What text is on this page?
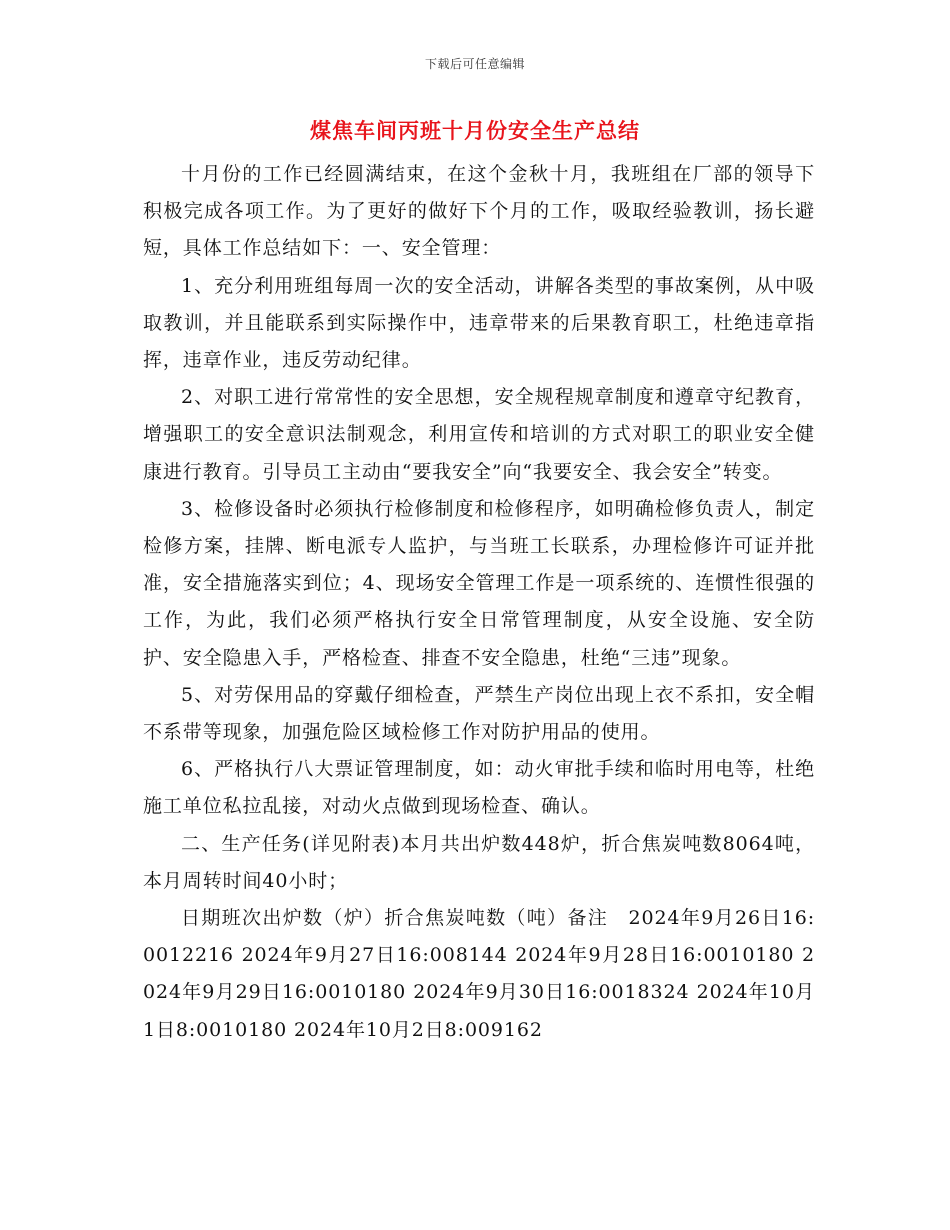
下载后可任意编辑
煤焦车间丙班十月份安全生产总结

十月份的工作已经圆满结束，在这个金秋十月，我班组在厂部的领导下积极完成各项工作。为了更好的做好下个月的工作，吸取经验教训，扬长避短，具体工作总结如下：一、安全管理：

1、充分利用班组每周一次的安全活动，讲解各类型的事故案例，从中吸取教训，并且能联系到实际操作中，违章带来的后果教育职工，杜绝违章指挥，违章作业，违反劳动纪律。

2、对职工进行常常性的安全思想，安全规程规章制度和遵章守纪教育，增强职工的安全意识法制观念，利用宣传和培训的方式对职工的职业安全健康进行教育。引导员工主动由“要我安全”向“我要安全、我会安全”转变。

3、检修设备时必须执行检修制度和检修程序，如明确检修负责人，制定检修方案，挂牌、断电派专人监护，与当班工长联系，办理检修许可证并批准，安全措施落实到位；4、现场安全管理工作是一项系统的、连惯性很强的工作，为此，我们必须严格执行安全日常管理制度，从安全设施、安全防护、安全隐患入手，严格检查、排查不安全隐患，杜绝“三违”现象。

5、对劳保用品的穿戴仔细检查，严禁生产岗位出现上衣不系扣，安全帽不系带等现象，加强危险区域检修工作对防护用品的使用。

6、严格执行八大票证管理制度，如：动火审批手续和临时用电等，杜绝施工单位私拉乱接，对动火点做到现场检查、确认。

二、生产任务(详见附表)本月共出炉数448炉，折合焦炭吨数8064吨，本月周转时间40小时；

日期班次出炉数（炉）折合焦炭吨数（吨）备注　2024年9月26日16:0012216 2024年9月27日16:008144 2024年9月28日16:0010180 2024年9月29日16:0010180 2024年9月30日16:0018324 2024年10月1日8:0010180 2024年10月2日8:009162
